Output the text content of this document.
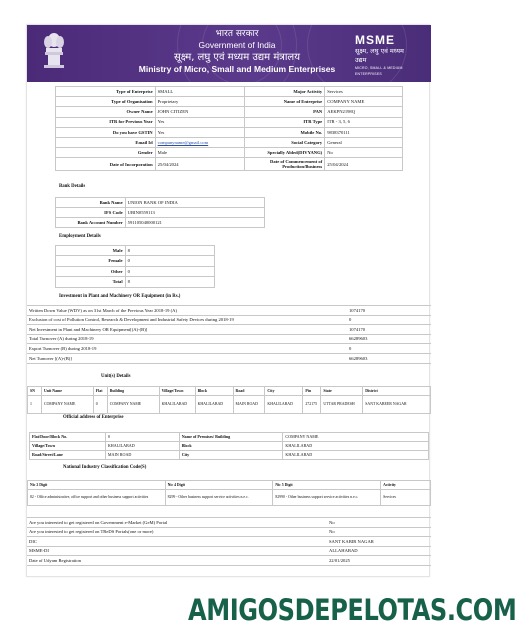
भारत सरकार
Government of India
सूक्ष्म, लघु एवं मध्यम उद्यम मंत्रालय
Ministry of Micro, Small and Medium Enterprises
MSME
सूक्ष्म, लघु एवं मध्यम उद्यम
MICRO, SMALL & MEDIUM ENTERPRISES
Type of Enterprise	SMALL	Major Activity	Services
Type of Organisation	Proprietary	Name of Enterprise	COMPANY NAME
Owner Name	JOHN CITIZEN	PAN	AEKPN2198Q
ITR for Previous Year	Yes	ITR Type	ITR - 3, 5, 6
Do you have GSTIN	Yes	Mobile No.	9838370111
Email Id	companyname@gmail.com	Social Category	General
Gender	Male	Specially Abled(DIVYANG)	No
Date of Incorporation	25/04/2024	Date of Commencement of Production/Business	25/04/2024
Bank Details
Bank Name	UNION BANK OF INDIA
IFS Code	UBIN0559113
Bank Account Number	591105040000121
Employment Details
Male	8
Female	0
Other	0
Total	8
Investment in Plant and Machinery OR Equipment (in Rs.)
Written Down Value (WDV) as on 31st March of the Previous Year 2018-19 (A)	1074170
Exclusion of cost of Pollution Control, Research & Development and Industrial Safety Devices during 2018-19	0
Net Investment in Plant and Machinery OR Equipment[(A)-(B)]	1074170
Total Turnover (A) during 2018-19	66289603
Export Turnover (B) during 2018-19	0
Net Turnover [(A)-(B)]	66289603
Unit(s) Details
SN	Unit Name	Flat	Building	Village/Town	Block	Road	City	Pin	State	District
1	COMPANY NAME	0	COMPANY NAME	KHALILABAD	KHALILABAD	MAIN ROAD	KHALILABAD	272175	UTTAR PRADESH	SANT KABEER NAGAR
Official address of Enterprise
Flat/Door/Block No.	0	Name of Premises/ Building	COMPANY NAME
Village/Town	KHALILABAD	Block	KHALILABAD
Road/Street/Lane	MAIN ROAD	City	KHALILABAD
National Industry Classification Code(S)
Nic 2 Digit	Nic 4 Digit	Nic 5 Digit	Activity
82 - Office administrative, office support and other business support activities	8299 - Other business support service activities n.e.c.	82990 - Other business support service activities n.e.c.	Services
Are you interested to get registered on Government e-Market (GeM) Portal	No
Are you interested to get registered on TReDS Portals(one or more)	No
DIC	SANT KABIR NAGAR
MSME-DI	ALLAHABAD
Date of Udyam Registration	22/01/2025
AMIGOSDEPELOTAS.COM
